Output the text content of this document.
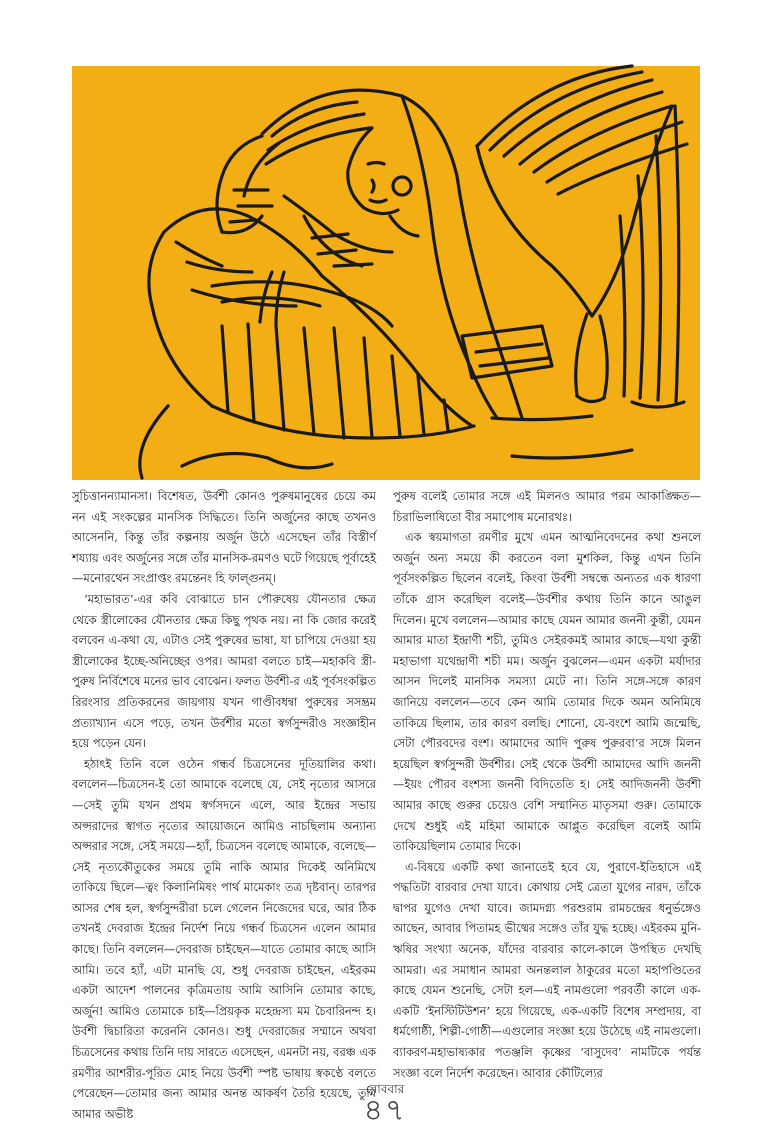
সুচিত্তানন্যামানসা। বিশেষত, উর্বশী কোনও পুরুষমানুষের চেয়ে কম নন এই সংকল্পের মানসিক সিদ্ধিতে। তিনি অর্জুনের কাছে তখনও আসেননি, কিন্তু তাঁর কল্পনায় অর্জুন উঠে এসেছেন তাঁর বিস্তীর্ণ শয্যায় এবং অর্জুনের সঙ্গে তাঁর মানসিক-রমণও ঘটে গিয়েছে পূর্বাহেই—মনোরথেন সংপ্রাপ্তং রমন্তেনং হি ফাল্গুনম্।

‘মহাভারত’-এর কবি বোঝাতে চান পৌরুষেয় যৌনতার ক্ষেত্র থেকে স্ত্রীলোকের যৌনতার ক্ষেত্র কিছু পৃথক নয়। না কি জোর করেই বলবেন এ-কথা যে, এটাও সেই পুরুষের ভাষা, যা চাপিয়ে দেওয়া হয় স্ত্রীলোকের ইচ্ছে-অনিচ্ছের ওপর। আমরা বলতে চাই—মহাকবি স্ত্রী-পুরুষ নির্বিশেষে মনের ভাব বোঝেন। ফলত উর্বশী-র এই পূর্বসংকল্পিত রিরংসার প্রতিকরনের জায়গায় যখন গাণ্ডীবধন্বা পুরুষের সসম্ভ্রম প্রত্যাখ্যান এসে পড়ে, তখন উর্বশীর মতো স্বর্গসুন্দরীও সংজ্ঞাহীন হয়ে পড়েন যেন।

হঠাৎই তিনি বলে ওঠেন গন্ধর্ব চিত্রসেনের দূতিয়ালির কথা। বললেন—চিত্রসেন-ই তো আমাকে বলেছে যে, সেই নৃত্যের আসরে—সেই তুমি যখন প্রথম স্বর্গসদনে এলে, আর ইন্দ্রের সভায় অপ্সরাদের স্বাগত নৃত্যের আয়োজনে আমিও নাচছিলাম অন্যান্য অপ্সরার সঙ্গে, সেই সময়ে—হ্যাঁ, চিত্রসেন বলেছে আমাকে, বলেছে—সেই নৃত্যকৌতুকের সময়ে তুমি নাকি আমার দিকেই অনিমিখে তাকিয়ে ছিলে—ত্বং কিলানিমিষং পার্থ মামেকাং তত্র দৃষ্টবান্। তারপর আসর শেষ হল, স্বর্গসুন্দরীরা চলে গেলেন নিজেদের ঘরে, আর ঠিক তখনই দেবরাজ ইন্দ্রের নির্দেশ নিয়ে গন্ধর্ব চিত্রসেন এলেন আমার কাছে। তিনি বললেন—দেবরাজ চাইছেন—যাতে তোমার কাছে আসি আমি। তবে হ্যাঁ, এটা মানছি যে, শুধু দেবরাজ চাইছেন, এইরকম একটা আদেশ পালনের কৃত্রিমতায় আমি আসিনি তোমার কাছে, অর্জুন! আমিও তোমাকে চাই—প্রিয়কৃক মহেন্দ্রস্য মম চৈবারিনন্দ হ। উর্বশী দ্বিচারিতা করেননি কোনও। শুধু দেবরাজের সম্মানে অথবা চিত্রসেনের কথায় তিনি দায় সারতে এসেছেন, এমনটা নয়, বরঞ্চ এক রমণীর আশরীর-পূরিত মোহ নিয়ে উর্বশী স্পষ্ট ভাষায় স্বকণ্ঠে বলতে পেরেছেন—তোমার জন্য আমার অনন্ত আকর্ষণ তৈরি হয়েছে, তুমি আমার অভীষ্ট

পুরুষ বলেই তোমার সঙ্গে এই মিলনও আমার পরম আকাঙ্ক্ষিত—চিরাভিলাষিতো বীর সমাপোষ মনোরথঃ।

এক স্বয়মাগতা রমণীর মুখে এমন আত্মনিবেদনের কথা শুনলে অর্জুন অন্য সময়ে কী করতেন বলা মুশকিল, কিন্তু এখন তিনি পূর্বসংকল্পিত ছিলেন বলেই, কিংবা উর্বশী সম্বন্ধে অন্যতর এক ধারণা তাঁকে গ্রাস করেছিল বলেই—উর্বশীর কথায় তিনি কানে আঙুল দিলেন। মুখে বললেন—আমার কাছে যেমন আমার জননী কুন্তী, যেমন আমার মাতা ইন্দ্রাণী শচী, তুমিও সেইরকমই আমার কাছে—যথা কুন্তী মহাভাগা যথেন্দ্রাণী শচী মম। অর্জুন বুঝলেন—এমন একটা মর্যাদার আসন দিলেই মানসিক সমস্যা মেটে না। তিনি সঙ্গে-সঙ্গে কারণ জানিয়ে বললেন—তবে কেন আমি তোমার দিকে অমন অনিমিষে তাকিয়ে ছিলাম, তার কারণ বলছি। শোনো, যে-বংশে আমি জন্মেছি, সেটা পৌরবদের বংশ। আমাদের আদি পুরুষ পুরুরবা’র সঙ্গে মিলন হয়েছিল স্বর্গসুন্দরী উর্বশীর। সেই থেকে উর্বশী আমাদের আদি জননী—ইয়ং পৌরব বংশস্য জননী বিদিতেতি হ। সেই আদিজননী উর্বশী আমার কাছে গুরুর চেয়েও বেশি সম্মানিত মাতৃসমা গুরু। তোমাকে দেখে শুধুই এই মহিমা আমাকে আপ্লুত করেছিল বলেই আমি তাকিয়েছিলাম তোমার দিকে।

এ-বিষয়ে একটি কথা জানাতেই হবে যে, পুরাণে-ইতিহাসে এই পদ্ধতিটা বারবার দেখা যাবে। কোথায় সেই ত্রেতা যুগের নারদ, তাঁকে দ্বাপর যুগেও দেখা যাবে। জামদগ্ন্য পরশুরাম রামচন্দ্রের ধনুর্ভঙ্গেও আছেন, আবার পিতামহ ভীষ্মের সঙ্গেও তাঁর যুদ্ধ হচ্ছে। এইরকম মুনি-ঋষির সংখ্যা অনেক, যাঁদের বারবার কালে-কালে উপস্থিত দেখছি আমরা। এর সমাধান আমরা অনন্তলাল ঠাকুরের মতো মহাপণ্ডিতের কাছে যেমন শুনেছি, সেটা হল—এই নামগুলো পরবর্তী কালে এক-একটি ‘ইনস্টিটিউশন’ হয়ে গিয়েছে, এক-একটি বিশেষ সম্প্রদায়, বা ধর্মগোষ্ঠী, শিল্পী-গোষ্ঠী—এগুলোর সংজ্ঞা হয়ে উঠেছে এই নামগুলো। ব্যাকরণ-মহাভাষ্যকার পতঞ্জলি কৃষ্ণের ‘বাসুদেব’ নামটিকে পর্যন্ত সংজ্ঞা বলে নির্দেশ করেছেন। আবার কৌটিল্যের

রোববার
৪৭
